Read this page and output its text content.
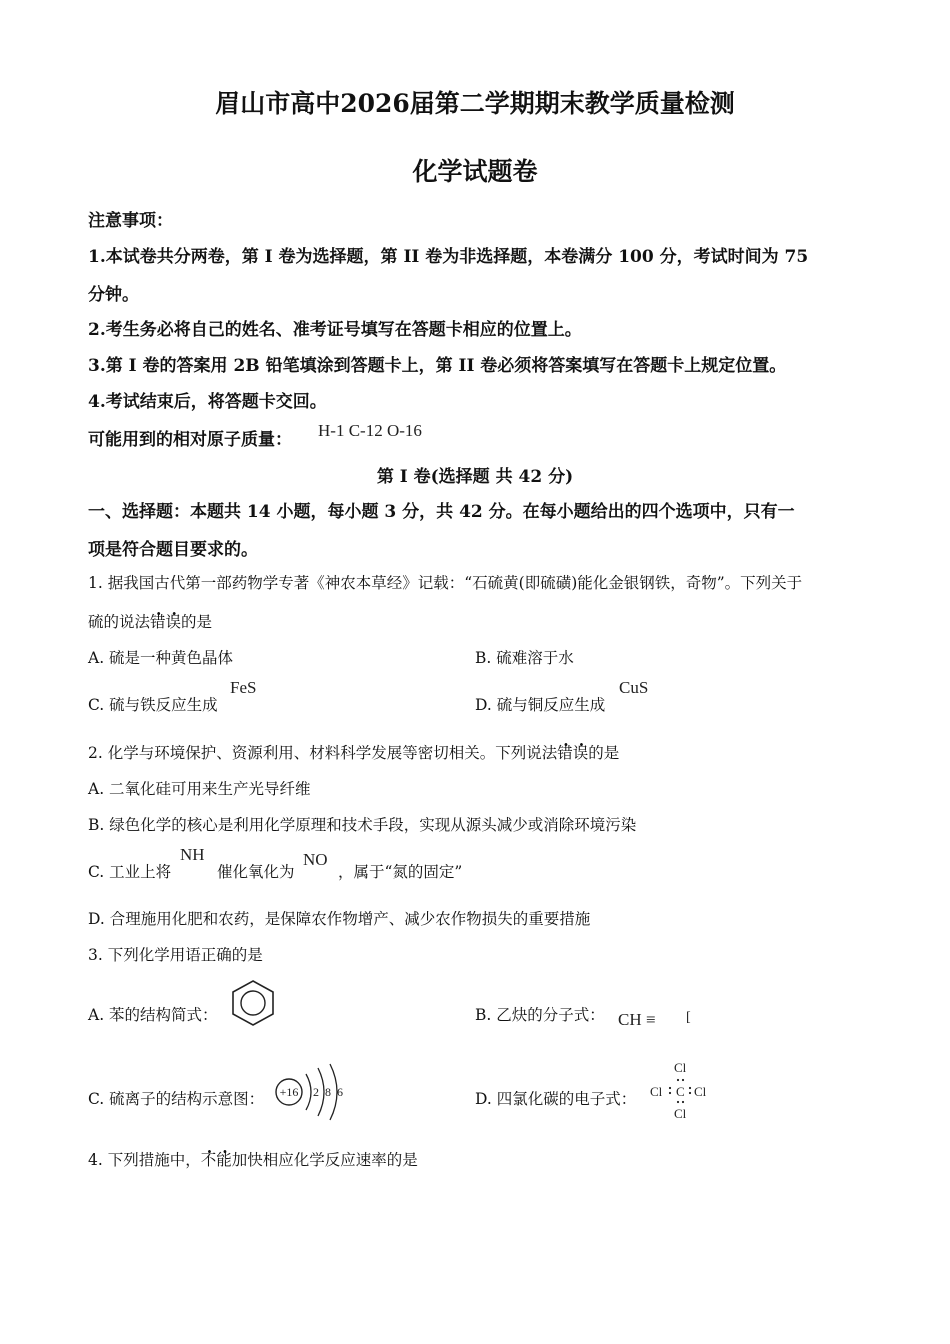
眉山市高中2026届第二学期期末教学质量检测
化学试题卷
注意事项：
1.本试卷共分两卷，第 I 卷为选择题，第 II 卷为非选择题，本卷满分 100 分，考试时间为 75
分钟。
2.考生务必将自己的姓名、准考证号填写在答题卡相应的位置上。
3.第 I 卷的答案用 2B 铅笔填涂到答题卡上，第 II 卷必须将答案填写在答题卡上规定位置。
4.考试结束后，将答题卡交回。
可能用到的相对原子质量： H-1 C-12 O-16
第 I 卷(选择题 共 42 分)
一、选择题：本题共 14 小题，每小题 3 分，共 42 分。在每小题给出的四个选项中，只有一
项是符合题目要求的。
1. 据我国古代第一部药物学专著《神农本草经》记载：“石硫黄(即硫磺)能化金银钢铁，奇物”。下列关于
硫的说法错误的是
A. 硫是一种黄色晶体	B. 硫难溶于水
C. 硫与铁反应生成
FeS
D. 硫与铜反应生成
CuS
2. 化学与环境保护、资源利用、材料科学发展等密切相关。下列说法错误的是
A. 二氧化硅可用来生产光导纤维
B. 绿色化学的核心是利用化学原理和技术手段，实现从源头减少或消除环境污染
C. 工业上将
NH
催化氧化为
NO
，属于“氮的固定”
D. 合理施用化肥和农药，是保障农作物增产、减少农作物损失的重要措施
3. 下列化学用语正确的是
A. 苯的结构简式：	B. 乙炔的分子式： CH ≡ [
C. 硫离子的结构示意图： +16 2 8 6	D. 四氯化碳的电子式：
Cl
Cl C Cl
Cl
4. 下列措施中，不能加快相应化学反应速率的是
